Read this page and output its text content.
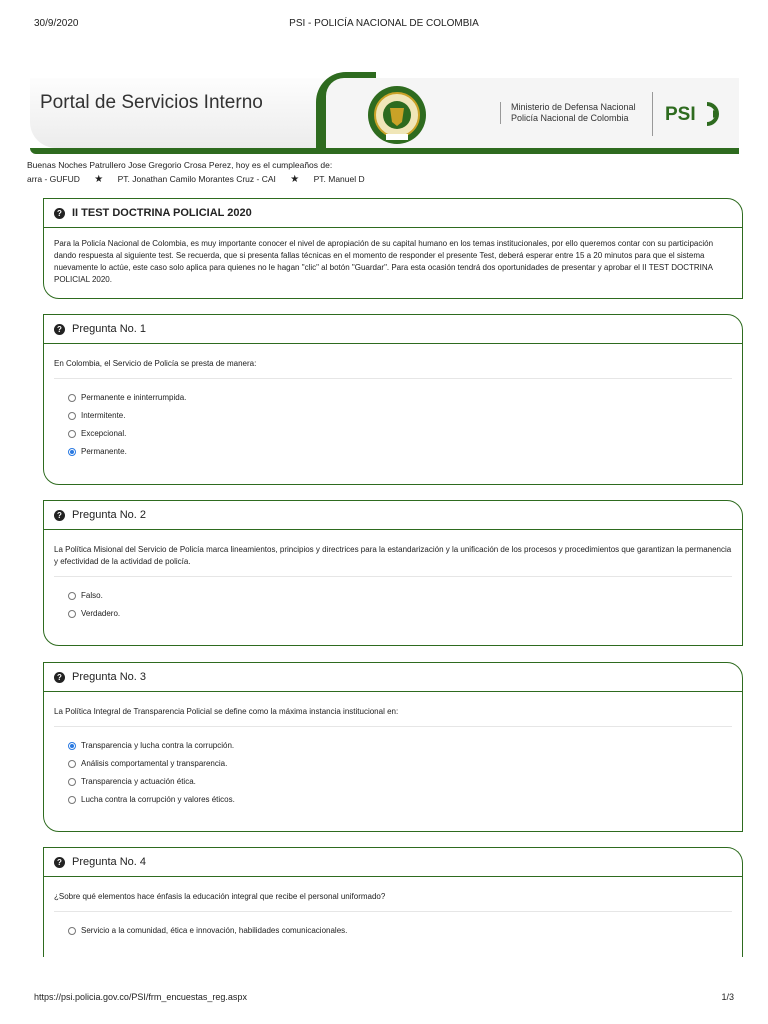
30/9/2020	PSI - POLICÍA NACIONAL DE COLOMBIA
Portal de Servicios Interno	Ministerio de Defensa Nacional
Policía Nacional de Colombia	PSI
Buenas Noches Patrullero Jose Gregorio Crosa Perez, hoy es el cumpleaños de:
arra - GUFUD ★ PT. Jonathan Camilo Morantes Cruz - CAI ★ PT. Manuel D
? II TEST DOCTRINA POLICIAL 2020
Para la Policía Nacional de Colombia, es muy importante conocer el nivel de apropiación de su capital humano en los temas institucionales, por ello queremos contar con su participación dando respuesta al siguiente test. Se recuerda, que si presenta fallas técnicas en el momento de responder el presente Test, deberá esperar entre 15 a 20 minutos para que el sistema nuevamente lo actúe, este caso solo aplica para quienes no le hagan "clic" al botón "Guardar". Para esta ocasión tendrá dos oportunidades de presentar y aprobar el II TEST DOCTRINA POLICIAL 2020.
? Pregunta No. 1
En Colombia, el Servicio de Policía se presta de manera:
Permanente e ininterrumpida.
Intermitente.
Excepcional.
Permanente.
? Pregunta No. 2
La Política Misional del Servicio de Policía marca lineamientos, principios y directrices para la estandarización y la unificación de los procesos y procedimientos que garantizan la permanencia y efectividad de la actividad de policía.
Falso.
Verdadero.
? Pregunta No. 3
La Política Integral de Transparencia Policial se define como la máxima instancia institucional en:
Transparencia y lucha contra la corrupción.
Análisis comportamental y transparencia.
Transparencia y actuación ética.
Lucha contra la corrupción y valores éticos.
? Pregunta No. 4
¿Sobre qué elementos hace énfasis la educación integral que recibe el personal uniformado?
Servicio a la comunidad, ética e innovación, habilidades comunicacionales.
https://psi.policia.gov.co/PSI/frm_encuestas_reg.aspx	1/3
